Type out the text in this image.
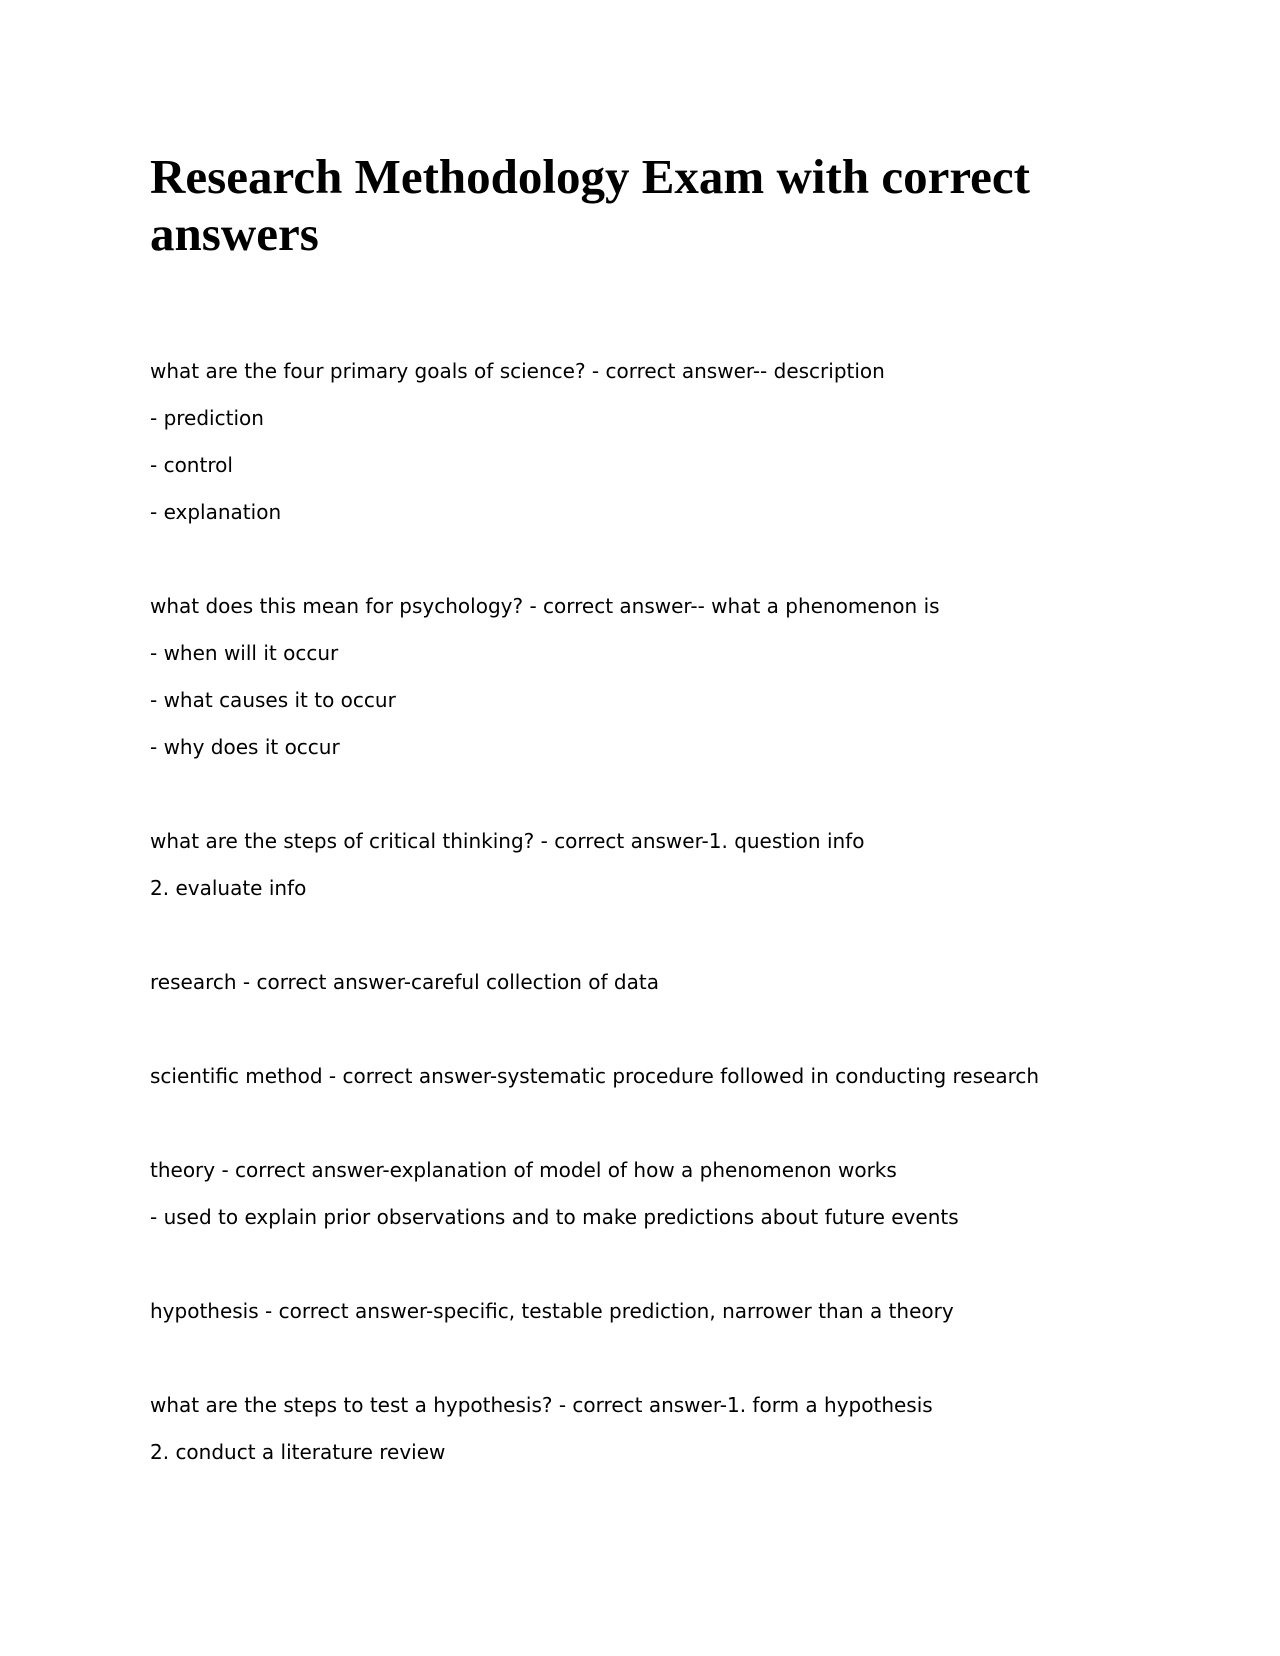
Research Methodology Exam with correct answers

what are the four primary goals of science? - correct answer-- description

- prediction

- control

- explanation

what does this mean for psychology? - correct answer-- what a phenomenon is

- when will it occur

- what causes it to occur

- why does it occur

what are the steps of critical thinking? - correct answer-1. question info

2. evaluate info

research - correct answer-careful collection of data

scientific method - correct answer-systematic procedure followed in conducting research

theory - correct answer-explanation of model of how a phenomenon works

- used to explain prior observations and to make predictions about future events

hypothesis - correct answer-specific, testable prediction, narrower than a theory

what are the steps to test a hypothesis? - correct answer-1. form a hypothesis

2. conduct a literature review
